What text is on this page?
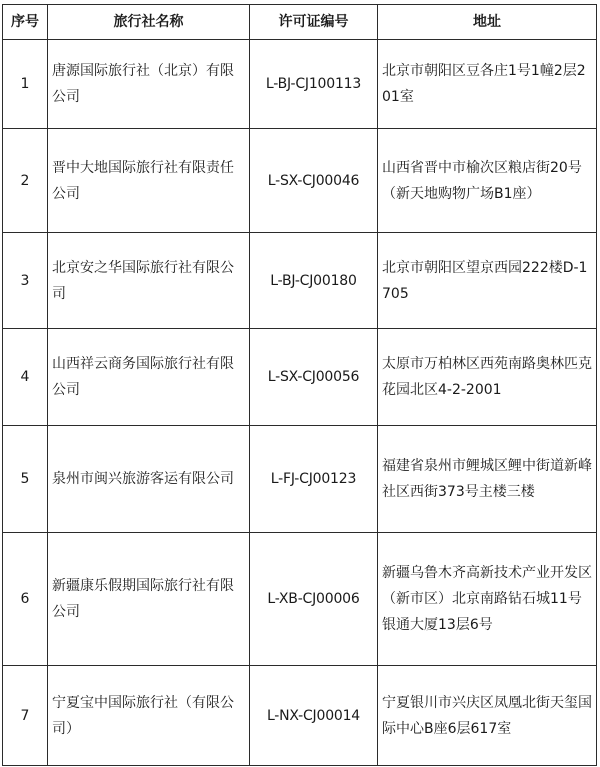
序号	旅行社名称	许可证编号	地址
1	唐源国际旅行社（北京）有限公司	L-BJ-CJ100113	北京市朝阳区豆各庄1号1幢2层201室
2	晋中大地国际旅行社有限责任公司	L-SX-CJ00046	山西省晋中市榆次区粮店街20号（新天地购物广场B1座）
3	北京安之华国际旅行社有限公司	L-BJ-CJ00180	北京市朝阳区望京西园222楼D-1705
4	山西祥云商务国际旅行社有限公司	L-SX-CJ00056	太原市万柏林区西苑南路奥林匹克花园北区4-2-2001
5	泉州市闽兴旅游客运有限公司	L-FJ-CJ00123	福建省泉州市鲤城区鲤中街道新峰社区西街373号主楼三楼
6	新疆康乐假期国际旅行社有限公司	L-XB-CJ00006	新疆乌鲁木齐高新技术产业开发区（新市区）北京南路钻石城11号银通大厦13层6号
7	宁夏宝中国际旅行社（有限公司）	L-NX-CJ00014	宁夏银川市兴庆区凤凰北街天玺国际中心B座6层617室
